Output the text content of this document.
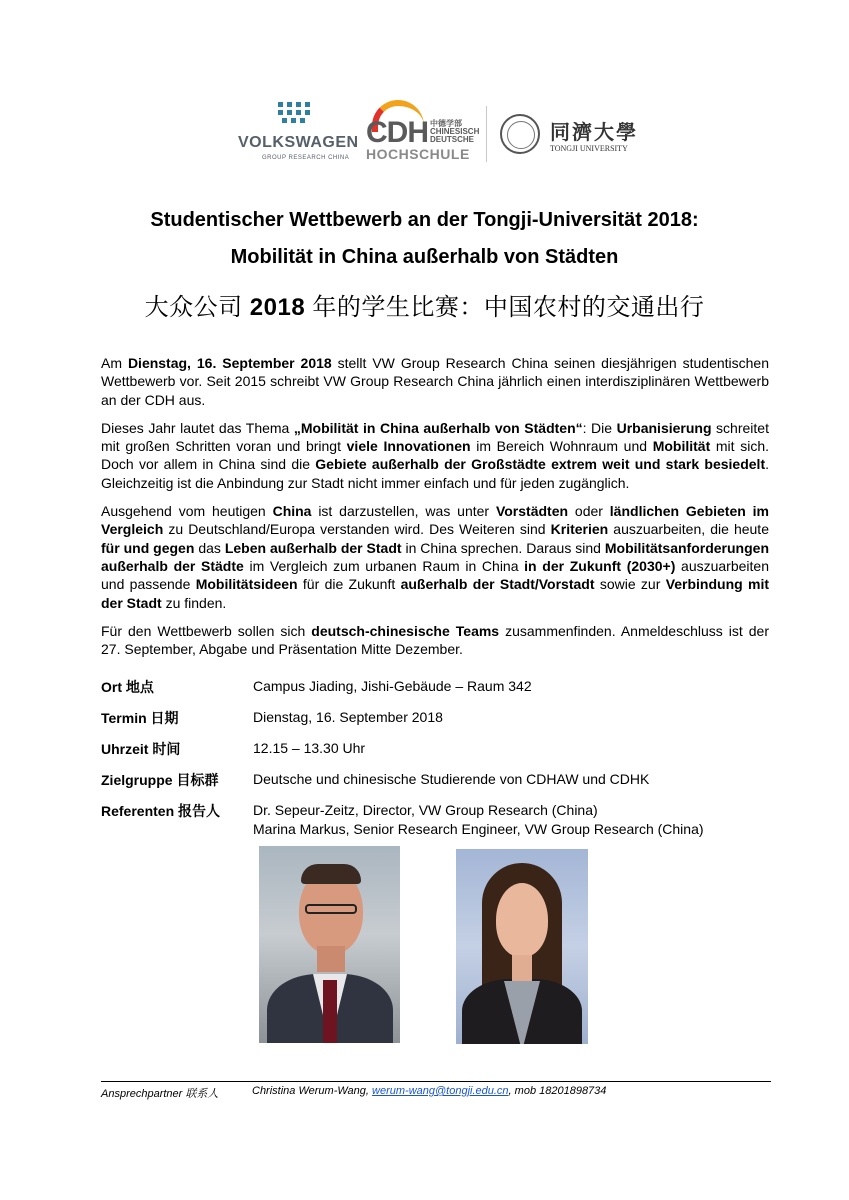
VOLKSWAGEN
GROUP RESEARCH CHINA
CDH 中德学部
CHINESISCH
DEUTSCHE
HOCHSCHULE
同濟大學
TONGJI UNIVERSITY
Studentischer Wettbewerb an der Tongji-Universität 2018:
Mobilität in China außerhalb von Städten
大众公司 2018 年的学生比赛：中国农村的交通出行

Am Dienstag, 16. September 2018 stellt VW Group Research China seinen diesjährigen studentischen Wettbewerb vor. Seit 2015 schreibt VW Group Research China jährlich einen interdisziplinären Wettbewerb an der CDH aus.

Dieses Jahr lautet das Thema „Mobilität in China außerhalb von Städten“: Die Urbanisierung schreitet mit großen Schritten voran und bringt viele Innovationen im Bereich Wohnraum und Mobilität mit sich. Doch vor allem in China sind die Gebiete außerhalb der Großstädte extrem weit und stark besiedelt. Gleichzeitig ist die Anbindung zur Stadt nicht immer einfach und für jeden zugänglich.

Ausgehend vom heutigen China ist darzustellen, was unter Vorstädten oder ländlichen Gebieten im Vergleich zu Deutschland/Europa verstanden wird. Des Weiteren sind Kriterien auszuarbeiten, die heute für und gegen das Leben außerhalb der Stadt in China sprechen. Daraus sind Mobilitätsanforderungen außerhalb der Städte im Vergleich zum urbanen Raum in China in der Zukunft (2030+) auszuarbeiten und passende Mobilitätsideen für die Zukunft außerhalb der Stadt/Vorstadt sowie zur Verbindung mit der Stadt zu finden.

Für den Wettbewerb sollen sich deutsch-chinesische Teams zusammenfinden. Anmeldeschluss ist der 27. September, Abgabe und Präsentation Mitte Dezember.

Ort 地点	Campus Jiading, Jishi-Gebäude – Raum 342
Termin 日期	Dienstag, 16. September 2018
Uhrzeit 时间	12.15 – 13.30 Uhr
Zielgruppe 目标群 Deutsche und chinesische Studierende von CDHAW und CDHK
Referenten 报告人 Dr. Sepeur-Zeitz, Director, VW Group Research (China)
Marina Markus, Senior Research Engineer, VW Group Research (China)
Ansprechpartner 联系人	Christina Werum-Wang, werum-wang@tongji.edu.cn, mob 18201898734
